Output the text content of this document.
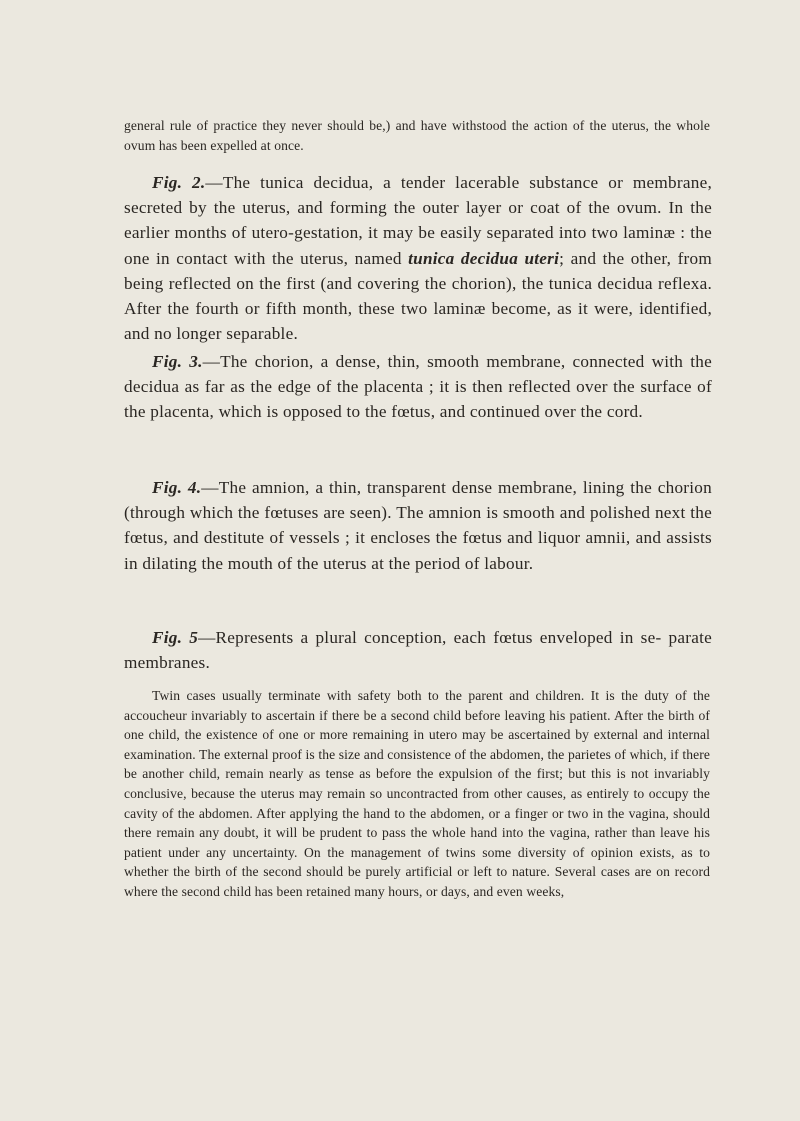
general rule of practice they never should be,) and have withstood the action of the uterus, the whole ovum has been expelled at once.

Fig. 2.—The tunica decidua, a tender lacerable substance or membrane, secreted by the uterus, and forming the outer layer or coat of the ovum. In the earlier months of utero-gestation, it may be easily separated into two laminæ : the one in contact with the uterus, named tunica decidua uteri; and the other, from being reflected on the first (and covering the chorion), the tunica decidua reflexa. After the fourth or fifth month, these two laminæ become, as it were, identified, and no longer separable.

Fig. 3.—The chorion, a dense, thin, smooth membrane, connected with the decidua as far as the edge of the placenta ; it is then reflected over the surface of the placenta, which is opposed to the fœtus, and continued over the cord.

Fig. 4.—The amnion, a thin, transparent dense membrane, lining the chorion (through which the fœtuses are seen). The amnion is smooth and polished next the fœtus, and destitute of vessels ; it encloses the fœtus and liquor amnii, and assists in dilating the mouth of the uterus at the period of labour.

Fig. 5—Represents a plural conception, each fœtus enveloped in se- parate membranes.

Twin cases usually terminate with safety both to the parent and children. It is the duty of the accoucheur invariably to ascertain if there be a second child before leaving his patient. After the birth of one child, the existence of one or more remaining in utero may be ascertained by external and internal examination. The external proof is the size and consistence of the abdomen, the parietes of which, if there be another child, remain nearly as tense as before the expulsion of the first; but this is not invariably conclusive, because the uterus may remain so uncontracted from other causes, as entirely to occupy the cavity of the abdomen. After applying the hand to the abdomen, or a finger or two in the vagina, should there remain any doubt, it will be prudent to pass the whole hand into the vagina, rather than leave his patient under any uncertainty. On the management of twins some diversity of opinion exists, as to whether the birth of the second should be purely artificial or left to nature. Several cases are on record where the second child has been retained many hours, or days, and even weeks,
